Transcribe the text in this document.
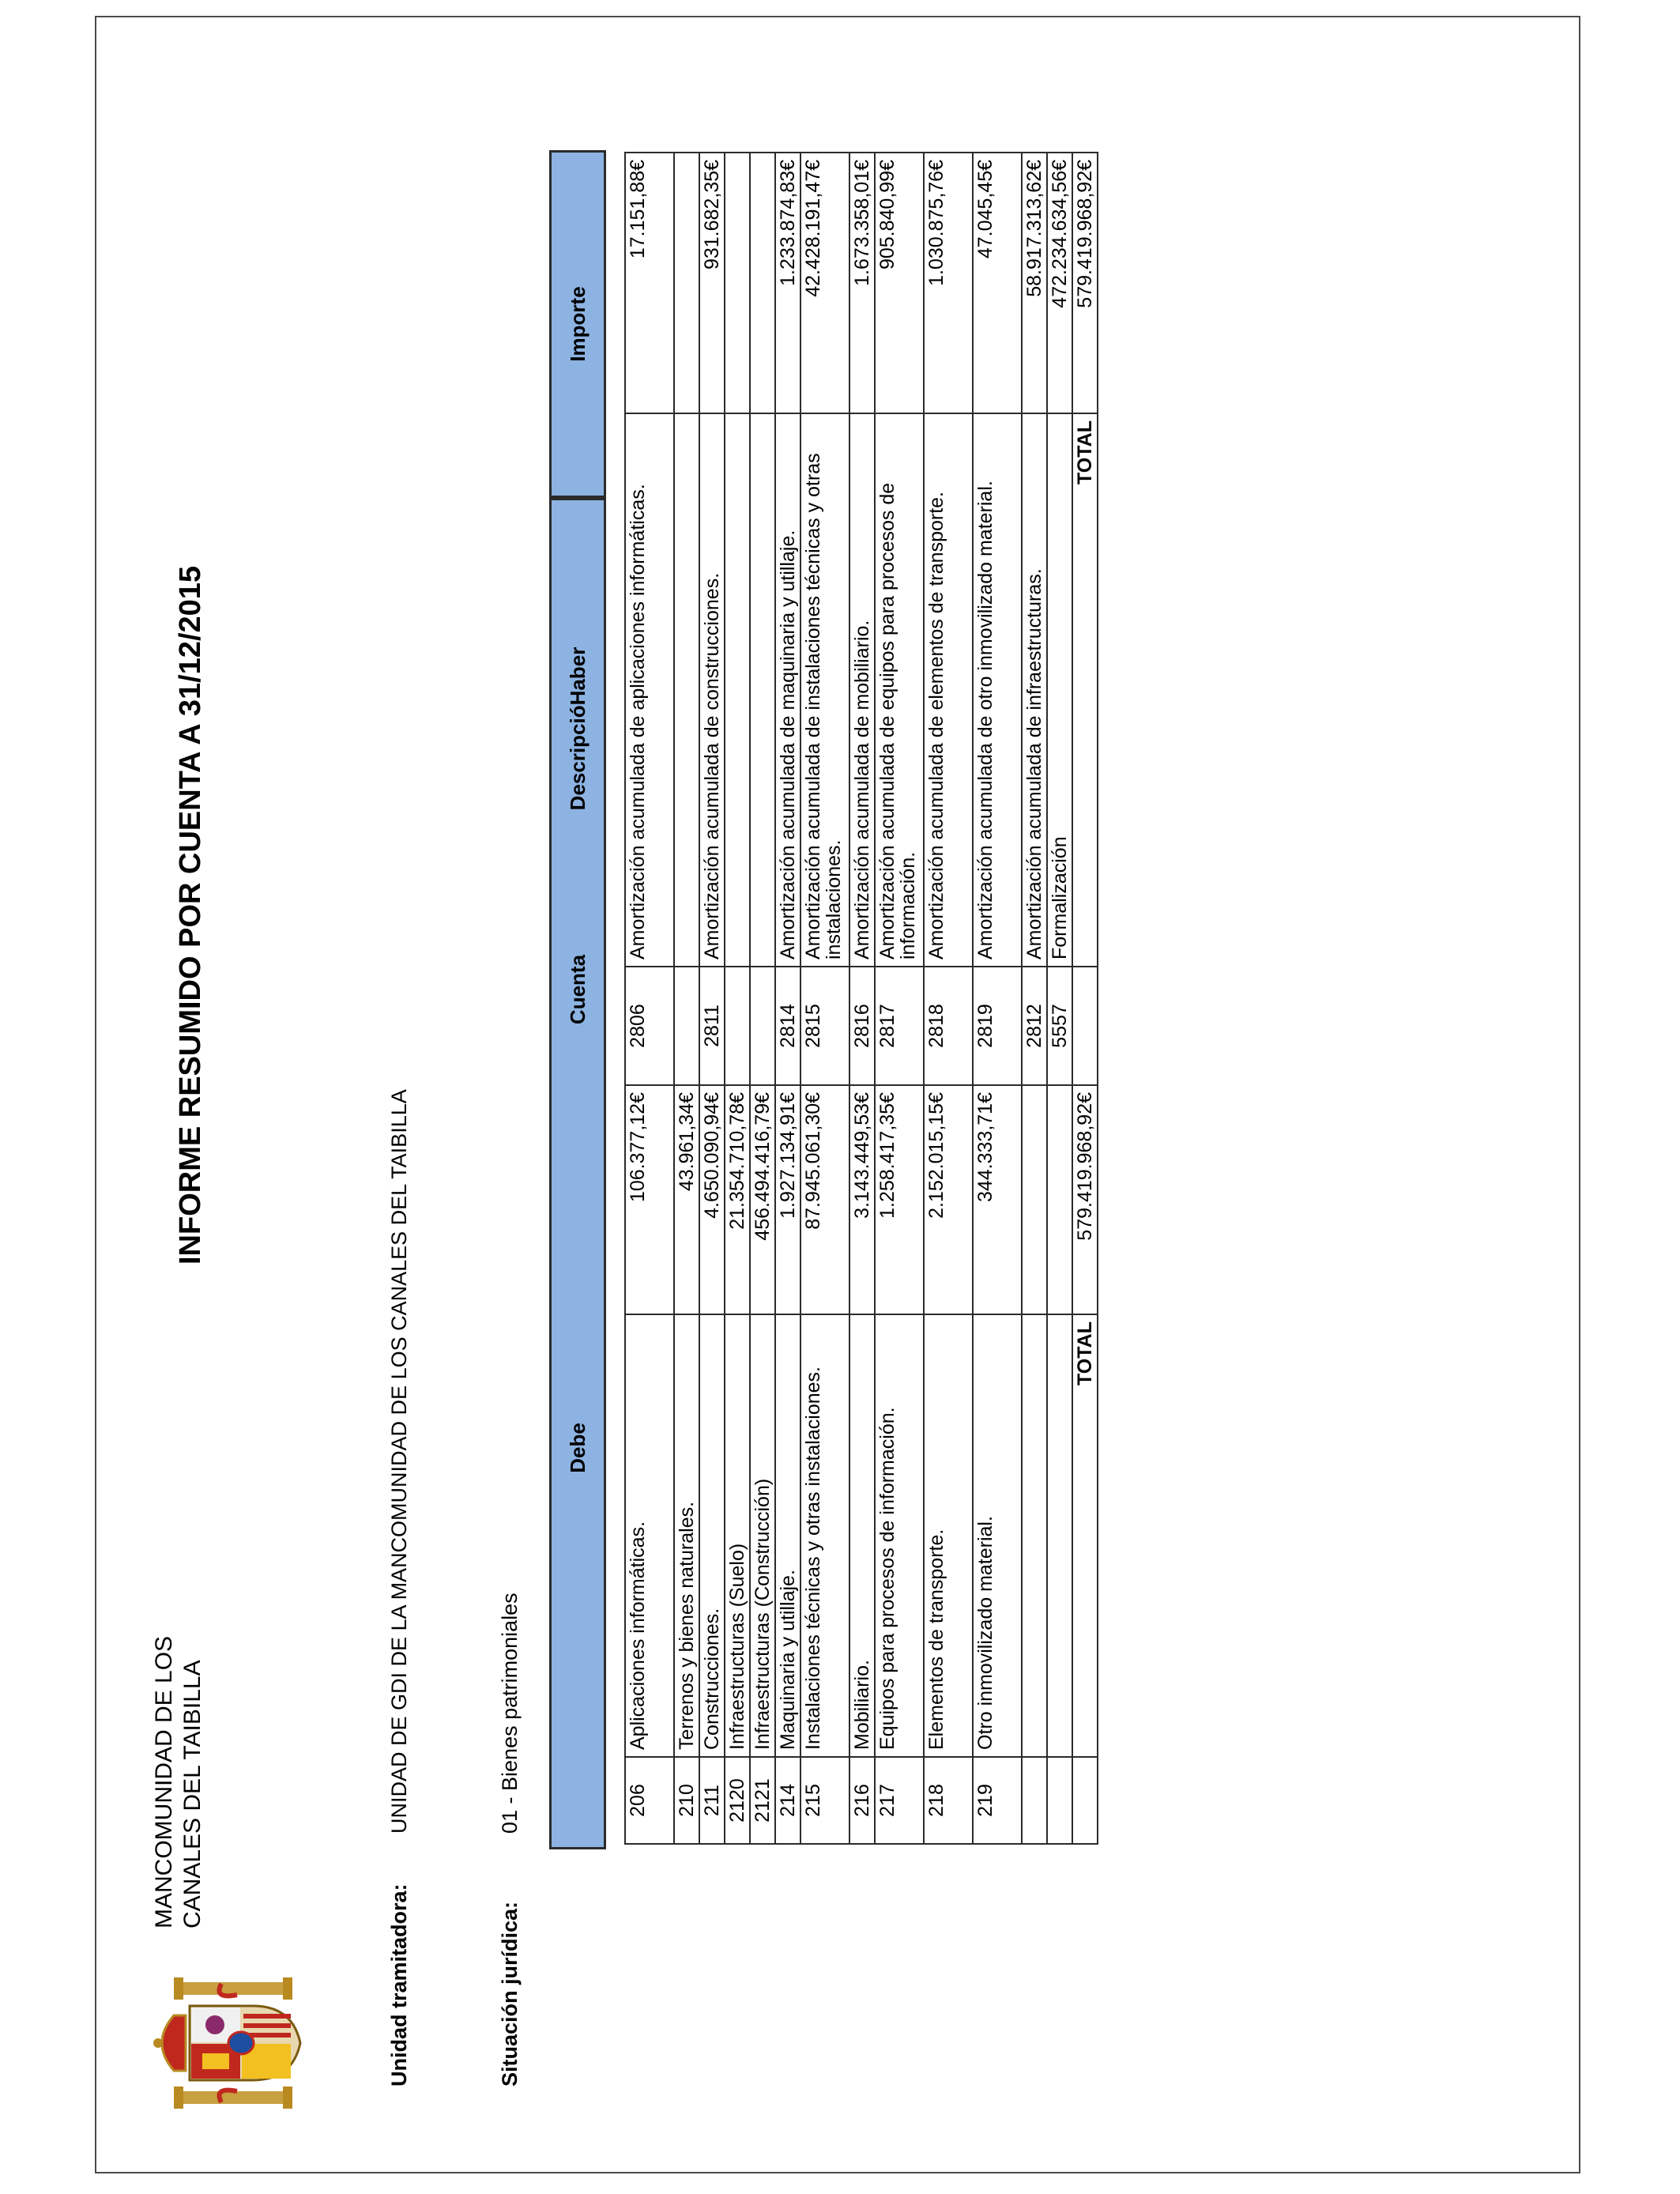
MANCOMUNIDAD DE LOS CANALES DEL TAIBILLA
INFORME RESUMIDO POR CUENTA A 31/12/2015
Unidad tramitadora:
UNIDAD DE GDI DE LA MANCOMUNIDAD DE LOS CANALES DEL TAIBILLA
Situación jurídica:
01 - Bienes patrimoniales
Debe
Cuenta
DescripcióHaber
Importe
206	Aplicaciones informáticas.	106.377,12€	2806	Amortización acumulada de aplicaciones informáticas.	17.151,88€
210	Terrenos y bienes naturales.	43.961,34€			
211	Construcciones.	4.650.090,94€	2811	Amortización acumulada de construcciones.	931.682,35€
2120	Infraestructuras (Suelo)	21.354.710,78€			
2121	Infraestructuras (Construcción)	456.494.416,79€			
214	Maquinaria y utillaje.	1.927.134,91€	2814	Amortización acumulada de maquinaria y utillaje.	1.233.874,83€
215	Instalaciones técnicas y otras instalaciones.	87.945.061,30€	2815	Amortización acumulada de instalaciones técnicas y otras instalaciones.	42.428.191,47€
216	Mobiliario.	3.143.449,53€	2816	Amortización acumulada de mobiliario.	1.673.358,01€
217	Equipos para procesos de información.	1.258.417,35€	2817	Amortización acumulada de equipos para procesos de información.	905.840,99€
218	Elementos de transporte.	2.152.015,15€	2818	Amortización acumulada de elementos de transporte.	1.030.875,76€
219	Otro inmovilizado material.	344.333,71€	2819	Amortización acumulada de otro inmovilizado material.	47.045,45€
			2812	Amortización acumulada de infraestructuras.	58.917.313,62€
			5557	Formalización	472.234.634,56€
	TOTAL	579.419.968,92€		TOTAL	579.419.968,92€
